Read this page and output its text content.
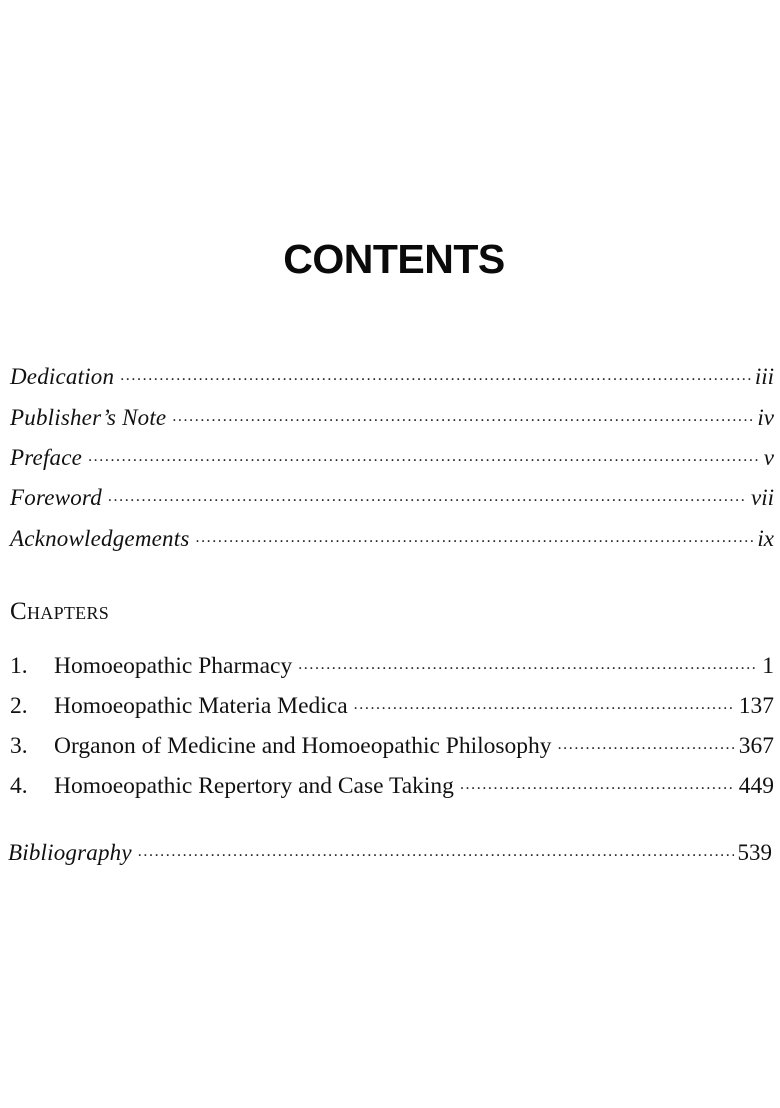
CONTENTS
Dedication .....	iii
Publisher’s Note .....	iv
Preface .....	v
Foreword .....	vii
Acknowledgements .....	ix
Chapters
1.	Homoeopathic Pharmacy .....	1
2.	Homoeopathic Materia Medica .....	137
3.	Organon of Medicine and Homoeopathic Philosophy .....	367
4.	Homoeopathic Repertory and Case Taking .....	449
Bibliography .....	539
